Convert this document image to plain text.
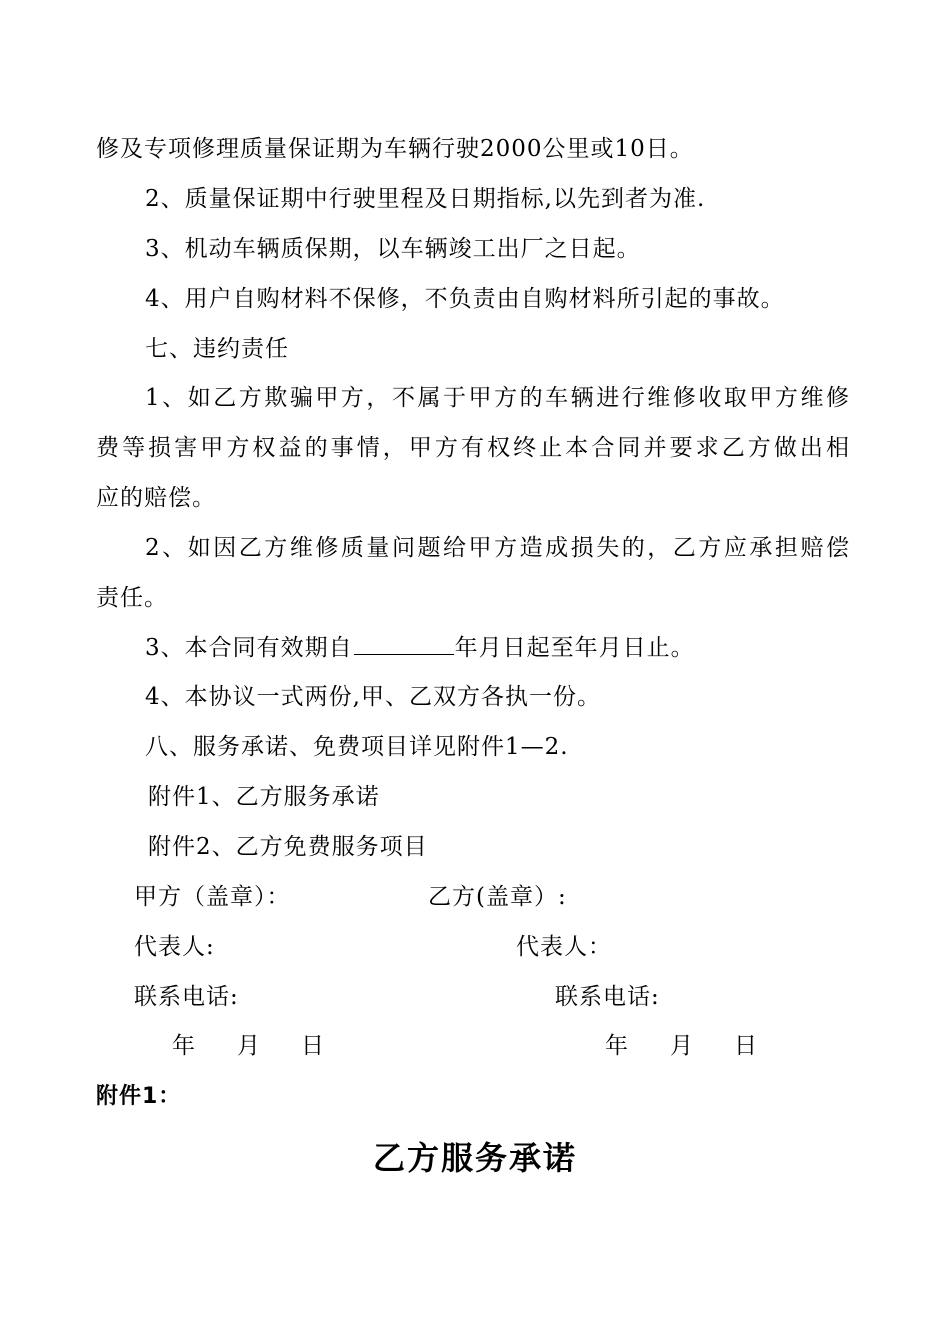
修及专项修理质量保证期为车辆行驶2000公里或10日。
2、质量保证期中行驶里程及日期指标,以先到者为准.
3、机动车辆质保期，以车辆竣工出厂之日起。
4、用户自购材料不保修，不负责由自购材料所引起的事故。
七、违约责任
1、如乙方欺骗甲方，不属于甲方的车辆进行维修收取甲方维修
费等损害甲方权益的事情，甲方有权终止本合同并要求乙方做出相
应的赔偿。
2、如因乙方维修质量问题给甲方造成损失的，乙方应承担赔偿
责任。
3、本合同有效期自	年月日起至年月日止。
4、本协议一式两份,甲、乙双方各执一份。
八、服务承诺、免费项目详见附件1—2.
附件1、乙方服务承诺
附件2、乙方免费服务项目
甲方（盖章）：	乙方(盖章）:
代表人:	代表人：
联系电话:	联系电话:
年 月 日	年 月 日
附件1：
乙方服务承诺
